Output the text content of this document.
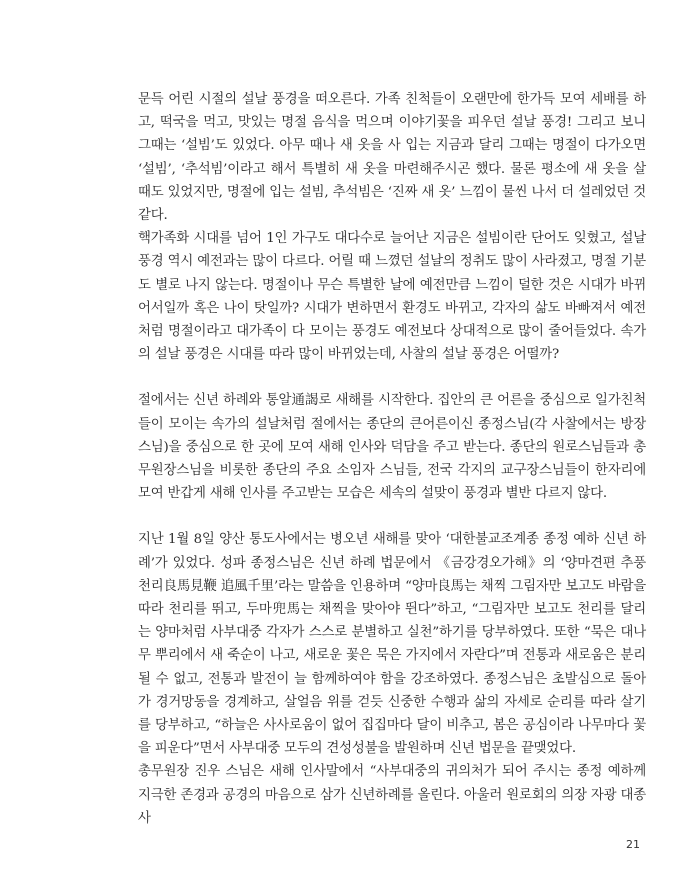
문득 어린 시절의 설날 풍경을 떠오른다. 가족 친척들이 오랜만에 한가득 모여 세배를 하고, 떡국을 먹고, 맛있는 명절 음식을 먹으며 이야기꽃을 피우던 설날 풍경! 그리고 보니 그때는 ‘설빔’도 있었다. 아무 때나 새 옷을 사 입는 지금과 달리 그때는 명절이 다가오면 ‘설빔’, ‘추석빔’이라고 해서 특별히 새 옷을 마련해주시곤 했다. 물론 평소에 새 옷을 살 때도 있었지만, 명절에 입는 설빔, 추석빔은 ‘진짜 새 옷’ 느낌이 물씬 나서 더 설레었던 것 같다.

핵가족화 시대를 넘어 1인 가구도 대다수로 늘어난 지금은 설빔이란 단어도 잊혔고, 설날 풍경 역시 예전과는 많이 다르다. 어릴 때 느꼈던 설날의 정취도 많이 사라졌고, 명절 기분도 별로 나지 않는다. 명절이나 무슨 특별한 날에 예전만큼 느낌이 덜한 것은 시대가 바뀌어서일까 혹은 나이 탓일까? 시대가 변하면서 환경도 바뀌고, 각자의 삶도 바빠져서 예전처럼 명절이라고 대가족이 다 모이는 풍경도 예전보다 상대적으로 많이 줄어들었다. 속가의 설날 풍경은 시대를 따라 많이 바뀌었는데, 사찰의 설날 풍경은 어떨까?

절에서는 신년 하례와 통알通謁로 새해를 시작한다. 집안의 큰 어른을 중심으로 일가친척들이 모이는 속가의 설날처럼 절에서는 종단의 큰어른이신 종정스님(각 사찰에서는 방장스님)을 중심으로 한 곳에 모여 새해 인사와 덕담을 주고 받는다. 종단의 원로스님들과 총무원장스님을 비롯한 종단의 주요 소임자 스님들, 전국 각지의 교구장스님들이 한자리에 모여 반갑게 새해 인사를 주고받는 모습은 세속의 설맞이 풍경과 별반 다르지 않다.

지난 1월 8일 양산 통도사에서는 병오년 새해를 맞아 ‘대한불교조계종 종정 예하 신년 하례’가 있었다. 성파 종정스님은 신년 하례 법문에서 《금강경오가해》의 ‘양마견편 추풍천리良馬見鞭 追風千里’라는 말씀을 인용하며 “양마良馬는 채찍 그림자만 보고도 바람을 따라 천리를 뛰고, 두마兜馬는 채찍을 맞아야 뛴다”하고, “그림자만 보고도 천리를 달리는 양마처럼 사부대중 각자가 스스로 분별하고 실천”하기를 당부하였다. 또한 “묵은 대나무 뿌리에서 새 죽순이 나고, 새로운 꽃은 묵은 가지에서 자란다”며 전통과 새로움은 분리될 수 없고, 전통과 발전이 늘 함께하여야 함을 강조하였다. 종정스님은 초발심으로 돌아가 경거망동을 경계하고, 살얼음 위를 걷듯 신중한 수행과 삶의 자세로 순리를 따라 살기를 당부하고, “하늘은 사사로움이 없어 집집마다 달이 비추고, 봄은 공심이라 나무마다 꽃을 피운다”면서 사부대중 모두의 견성성불을 발원하며 신년 법문을 끝맺었다.

총무원장 진우 스님은 새해 인사말에서 “사부대중의 귀의처가 되어 주시는 종정 예하께 지극한 존경과 공경의 마음으로 삼가 신년하례를 올린다. 아울러 원로회의 의장 자광 대종사

21
